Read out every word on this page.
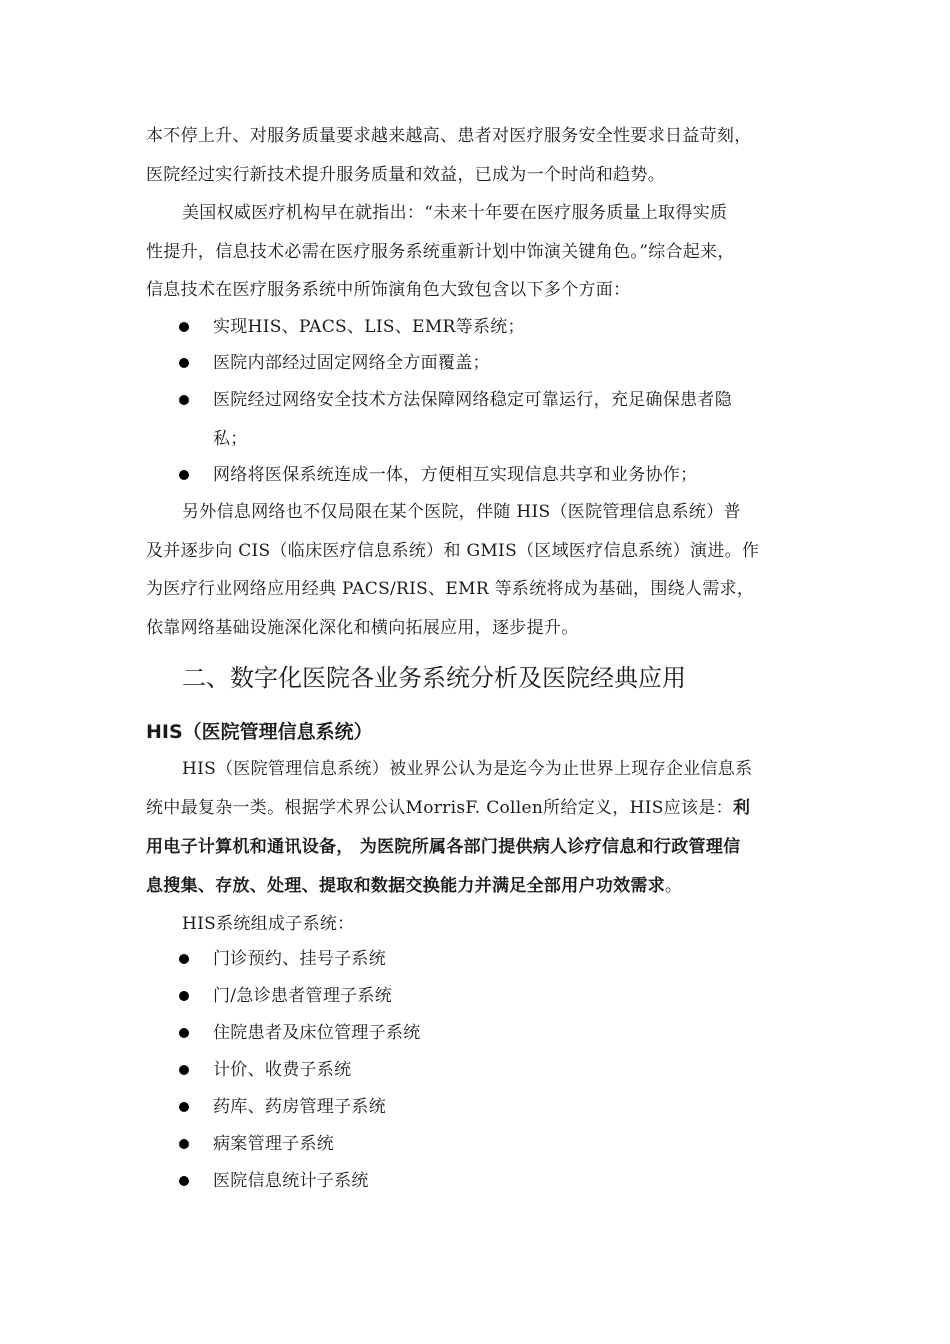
本不停上升、对服务质量要求越来越高、患者对医疗服务安全性要求日益苛刻，
医院经过实行新技术提升服务质量和效益，已成为一个时尚和趋势。
美国权威医疗机构早在就指出：“未来十年要在医疗服务质量上取得实质
性提升，信息技术必需在医疗服务系统重新计划中饰演关键角色。”综合起来，
信息技术在医疗服务系统中所饰演角色大致包含以下多个方面：
实现HIS、PACS、LIS、EMR等系统；
医院内部经过固定网络全方面覆盖；
医院经过网络安全技术方法保障网络稳定可靠运行，充足确保患者隐
私；
网络将医保系统连成一体，方便相互实现信息共享和业务协作；
另外信息网络也不仅局限在某个医院，伴随 HIS（医院管理信息系统）普
及并逐步向 CIS（临床医疗信息系统）和 GMIS（区域医疗信息系统）演进。作
为医疗行业网络应用经典 PACS/RIS、EMR 等系统将成为基础，围绕人需求，
依靠网络基础设施深化深化和横向拓展应用，逐步提升。
二、数字化医院各业务系统分析及医院经典应用
HIS（医院管理信息系统）
HIS（医院管理信息系统）被业界公认为是迄今为止世界上现存企业信息系
统中最复杂一类。根据学术界公认MorrisF. Collen所给定义，HIS应该是：利
用电子计算机和通讯设备， 为医院所属各部门提供病人诊疗信息和行政管理信
息搜集、存放、处理、提取和数据交换能力并满足全部用户功效需求。
HIS系统组成子系统：
门诊预约、挂号子系统
门/急诊患者管理子系统
住院患者及床位管理子系统
计价、收费子系统
药库、药房管理子系统
病案管理子系统
医院信息统计子系统
